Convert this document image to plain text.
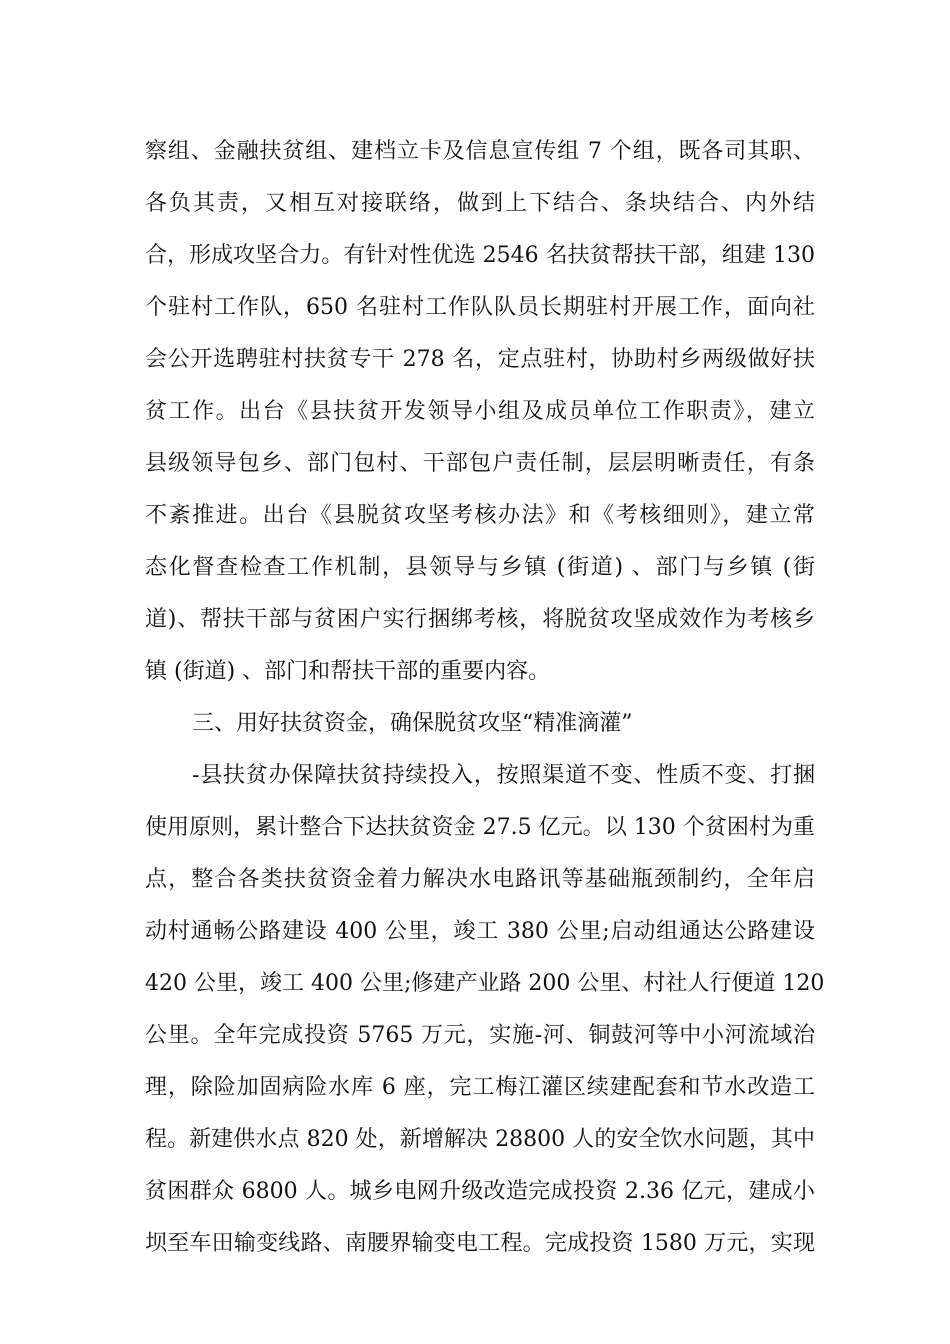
察组、金融扶贫组、建档立卡及信息宣传组 7 个组，既各司其职、
各负其责，又相互对接联络，做到上下结合、条块结合、内外结
合，形成攻坚合力。有针对性优选 2546 名扶贫帮扶干部，组建 130
个驻村工作队，650 名驻村工作队队员长期驻村开展工作，面向社
会公开选聘驻村扶贫专干 278 名，定点驻村，协助村乡两级做好扶
贫工作。出台《县扶贫开发领导小组及成员单位工作职责》，建立
县级领导包乡、部门包村、干部包户责任制，层层明晰责任，有条
不紊推进。出台《县脱贫攻坚考核办法》和《考核细则》，建立常
态化督查检查工作机制，县领导与乡镇 (街道) 、部门与乡镇 (街
道)、帮扶干部与贫困户实行捆绑考核，将脱贫攻坚成效作为考核乡
镇 (街道) 、部门和帮扶干部的重要内容。
三、用好扶贫资金，确保脱贫攻坚“精准滴灌”
-县扶贫办保障扶贫持续投入，按照渠道不变、性质不变、打捆
使用原则，累计整合下达扶贫资金 27.5 亿元。以 130 个贫困村为重
点，整合各类扶贫资金着力解决水电路讯等基础瓶颈制约，全年启
动村通畅公路建设 400 公里，竣工 380 公里;启动组通达公路建设
420 公里，竣工 400 公里;修建产业路 200 公里、村社人行便道 120
公里。全年完成投资 5765 万元，实施-河、铜鼓河等中小河流域治
理，除险加固病险水库 6 座，完工梅江灌区续建配套和节水改造工
程。新建供水点 820 处，新增解决 28800 人的安全饮水问题，其中
贫困群众 6800 人。城乡电网升级改造完成投资 2.36 亿元，建成小
坝至车田输变线路、南腰界输变电工程。完成投资 1580 万元，实现
